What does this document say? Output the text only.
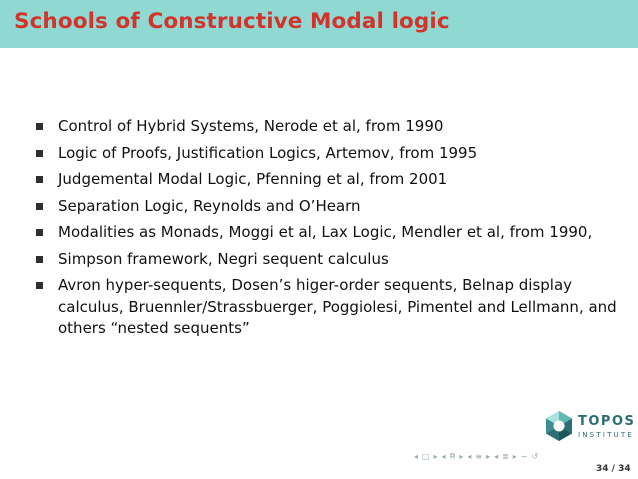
Schools of Constructive Modal logic
Control of Hybrid Systems, Nerode et al, from 1990
Logic of Proofs, Justification Logics, Artemov, from 1995
Judgemental Modal Logic, Pfenning et al, from 2001
Separation Logic, Reynolds and O’Hearn
Modalities as Monads, Moggi et al, Lax Logic, Mendler et al, from 1990,
Simpson framework, Negri sequent calculus
Avron hyper-sequents, Dosen’s higer-order sequents, Belnap display calculus, Bruennler/Strassbuerger, Poggiolesi, Pimentel and Lellmann, and others “nested sequents”
TOPOS
INSTITUTE
◂ □ ▸ ◂ ⧉ ▸ ◂ ≡ ▸ ◂ ≣ ▸ ∽ ↺
34 / 34
